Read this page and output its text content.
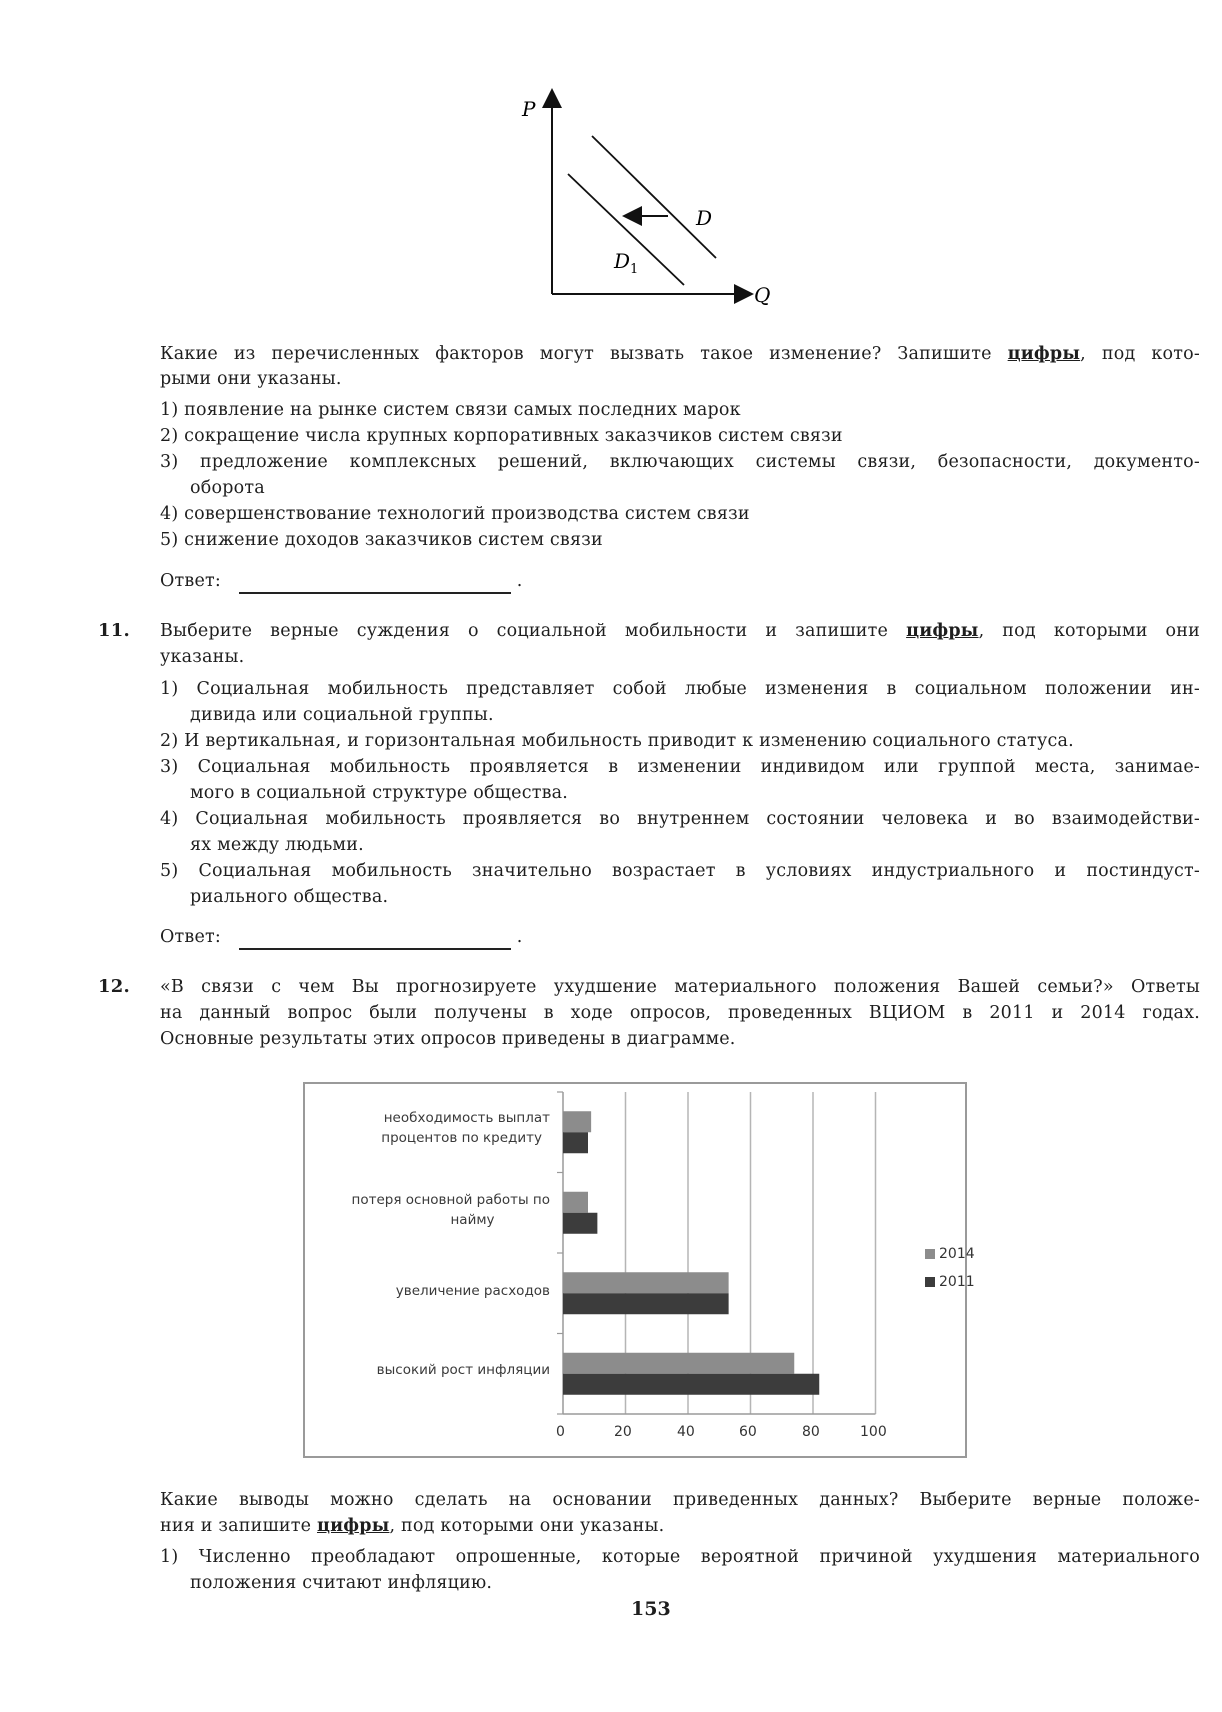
P
Q
D
$D_1$
Какие из перечисленных факторов могут вызвать такое изменение? Запишите цифры, под кото-
рыми они указаны.
1) появление на рынке систем связи самых последних марок
2) сокращение числа крупных корпоративных заказчиков систем связи
3) предложение комплексных решений, включающих системы связи, безопасности, документо-
оборота
4) совершенствование технологий производства систем связи
5) снижение доходов заказчиков систем связи
Ответ:	.
11. Выберите верные суждения о социальной мобильности и запишите цифры, под которыми они
указаны.
1) Социальная мобильность представляет собой любые изменения в социальном положении ин-
дивида или социальной группы.
2) И вертикальная, и горизонтальная мобильность приводит к изменению социального статуса.
3) Социальная мобильность проявляется в изменении индивидом или группой места, занимае-
мого в социальной структуре общества.
4) Социальная мобильность проявляется во внутреннем состоянии человека и во взаимодействи-
ях между людьми.
5) Социальная мобильность значительно возрастает в условиях индустриального и постиндуст-
риального общества.
Ответ:	.
12. «В связи с чем Вы прогнозируете ухудшение материального положения Вашей семьи?» Ответы
на данный вопрос были получены в ходе опросов, проведенных ВЦИОМ в 2011 и 2014 годах.
Основные результаты этих опросов приведены в диаграмме.
необходимость выплат
процентов по кредиту
потеря основной работы по
найму
увеличение расходов
высокий рост инфляции
0	20	40	60	80	100
2014
2011
Какие выводы можно сделать на основании приведенных данных? Выберите верные положе-
ния и запишите цифры, под которыми они указаны.
1) Численно преобладают опрошенные, которые вероятной причиной ухудшения материального
положения считают инфляцию.
153
